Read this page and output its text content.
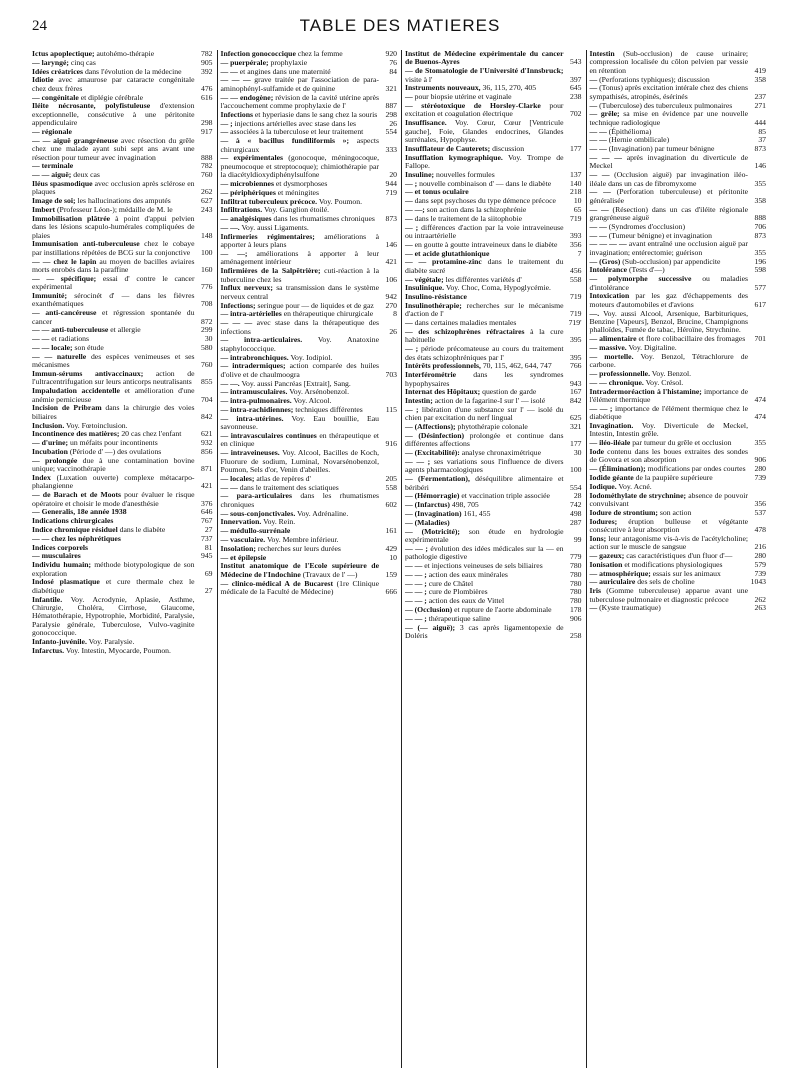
24	TABLE DES MATIERES
Ictus apoplectique; autohémo-thérapie	782
— laryngé; cinq cas	905
Idées créatrices dans l'évolution de la médecine	392
Idiotie avec amaurose par cataracte congénitale chez deux frères	476
— congénitale et diplégie cérébrale	616
Iléite nécrosante, polyfistuleuse d'extension exceptionnelle, consécutive à une péritonite appendiculaire	298
— régionale	917
— — aiguë grangréneuse avec résection du grêle chez une malade ayant subi sept ans avant une résection pour tumeur avec invagination	888
— terminale	782
— — aiguë; deux cas	760
Iléus spasmodique avec occlusion après sclérose en plaques	262
Image de soi; les hallucinations des amputés	627
Imbert (Professeur Léon-); médaille de M. le	243
Immobilisation plâtrée à point d'appui pelvien dans les lésions scapulo-humérales compliquées de plaies	148
Immunisation anti-tuberculeuse chez le cobaye par instillations répétées de BCG sur la conjonctive 100
— — chez le lapin au moyen de bacilles aviaires morts enrobés dans la paraffine	160
— — spécifique; essai d' contre le cancer expérimental	776
Immunité; sérocinét d' — dans les fièvres exanthématiques	708
— anti-cancéreuse et régression spontanée du cancer	872
— — anti-tuberculeuse et allergie	299
— — et radiations	30
— — locale; son étude	580
— — naturelle des espèces venimeuses et ses mécanismes	760
Immun-sérums antivaccinaux; action de l'ultracentrifugation sur leurs anticorps neutralisants 855
Impaludation accidentelle et amélioration d'une anémie pernicieuse	704
Incision de Pribram dans la chirurgie des voies biliaires	842
Inclusion. Voy. Fœtoinclusion.
Incontinence des matières; 20 cas chez l'enfant	621
— d'urine; un méfaits pour incontinents	932
Incubation (Période d' —) des ovulations	856
— prolongée due à une contamination bovine unique; vaccinothérapie	871
Index (Luxation ouverte) complexe métacarpo-phalangienne	421
— de Barach et de Moots pour évaluer le risque opératoire et choisir le mode d'anesthésie	376
— Generalis, 18e année 1938	646
Indications chirurgicales	767
Indice chromique résiduel dans le diabète	27
— — chez les néphrétiques	737
Indices corporels	81
— musculaires	945
Individu humain; méthode biotypologique de son exploration	69
Indosé plasmatique et cure thermale chez le diabétique	27
Infantile. Voy. Acrodynie, Aplasie, Asthme, Chirurgie, Choléra, Cirrhose, Glaucome, Hématothérapie, Hypotrophie, Morbidité, Paralysie, Paralysie générale, Tuberculose, Vulvo-vaginite gonococcique.
Infanto-juvénile. Voy. Paralysie.
Infarctus. Voy. Intestin, Myocarde, Poumon.
Infection gonococcique chez la femme	920
— puerpérale; prophylaxie	76
— — et angines dans une maternité	84
— — — grave traitée par l'association de para-aminophényl-sulfamide et de quinine	321
— — endogène; révision de la cavité utérine après l'accouchement comme prophylaxie de l'	887
Infections et hyperiasie dans le sang chez la souris 298
— ; injections artérielles avec stase dans les	26
— associées à la tuberculose et leur traitement	554
— à « bacillus fundiliformis »; aspects chirurgicaux	333
— expérimentales (gonocoque, méningocoque, pneumocoque et streptocoque); chimiothérapie par la diacétyldioxydiphénylsulfone	20
— microbiennes et dysmorphoses	944
— périphériques et méningites	719
Infiltrat tuberculeux précoce. Voy. Poumon.
Infiltrations. Voy. Ganglion étoilé.
— analgésiques dans les rhumatismes chroniques 873
— —. Voy. aussi Ligaments.
Infirmeries régimentaires; améliorations à apporter à leurs plans	146
— —; améliorations à apporter à leur aménagement intérieur	421
Infirmières de la Salpêtrière; cuti-réaction à la tuberculine chez les	106
Influx nerveux; sa transmission dans le système nerveux central	942
Infections; seringue pour — de liquides et de gaz 270
— intra-artérielles en thérapeutique chirurgicale	8
— — — avec stase dans la thérapeutique des infections	26
— intra-articulaires. Voy. Anatoxine staphylococcique.
— intrabronchiques. Voy. Iodipiol.
— intradermiques; action comparée des huiles d'olive et de chaulmoogra	703
— —. Voy. aussi Pancréas [Extrait], Sang.
— intramusculaires. Voy. Arsénobenzol.
— intra-pulmonaires. Voy. Alcool.
— intra-rachidiennes; techniques différentes	115
— intra-utérines. Voy. Eau bouillie, Eau savonneuse.
— intravasculaires continues en thérapeutique et en clinique	916
— intraveineuses. Voy. Alcool, Bacilles de Koch, Fluorure de sodium, Luminal, Novarsénobenzol, Poumon, Sels d'or, Venin d'abeilles.
— locales; atlas de repères d'	205
— — dans le traitement des sciatiques	558
— para-articulaires dans les rhumatismes chroniques	602
— sous-conjonctivales. Voy. Adrénaline.
Innervation. Voy. Rein.
— médullo-surrénale	161
— vasculaire. Voy. Membre inférieur.
Insolation; recherches sur leurs durées	429
— et épilepsie	10
Institut anatomique de l'Ecole supérieure de Médecine de l'Indochine (Travaux de l' —)	159
— clinico-médical A de Bucarest (1re Clinique médicale de la Faculté de Médecine)	666
Institut de Médecine expérimentale du cancer de Buenos-Ayres	543
— de Stomatologie de l'Université d'Innsbruck; visite à l'	397
Instruments nouveaux, 36, 115, 270, 405	645
— pour biopsie utérine et vaginale	238
— stéréotoxique de Horsley-Clarke pour excitation et coagulation électrique	702
Insuffisance. Voy. Cœur, Cœur [Ventricule gauche], Foie, Glandes endocrines, Glandes surrénales, Hypophyse.
Insufflateur de Cauterets; discussion	177
Insufflation kymographique. Voy. Trompe de Fallope.
Insuline; nouvelles formules	137
— ; nouvelle combinaison d' — dans le diabète 140
— et tonus oculaire	218
— dans sept psychoses du type démence précoce 10
— —; son action dans la schizophrénie	65
— dans le traitement de la siitophobie	719
— ; différences d'action par la voie intraveineuse ou intraartérielle	393
— en goutte à goutte intraveineux dans le diabète 356
— et acide glutathionique	7
— — protamine-zinc dans le traitement du diabète sucré	456
— végétale; les différentes variétés d'	558
Insulinique. Voy. Choc, Coma, Hypoglycémie.
Insulino-résistance	719
Insulinothérapie; recherches sur le mécanisme d'action de l'	719
— dans certaines maladies mentales	719'
— des schizophrènes réfractaires à la cure habituelle	395
— ; période précomateuse au cours du traitement des états schizophréniques par l'	395
Intérêts professionnels, 70, 115, 462, 644, 747 766
Interférométrie dans les syndromes hypophysaires	943
Internat des Hôpitaux; question de garde	167
Intestin; action de la fagarine-I sur l' — isolé	842
— ; libération d'une substance sur l' — isolé du chien par excitation du nerf lingual	625
— (Affections); phytothérapie colonale	321
— (Désinfection) prolongée et continue dans différentes affections	177
— (Excitabilité): analyse chronaximétrique	30
— — ; ses variations sous l'influence de divers agents pharmacologiques	100
— (Fermentation), déséquilibre alimentaire et béribéri	554
— (Hémorragie) et vaccination triple associée	28
— (Infarctus) 498, 705	742
— (Invagination) 161, 455	498
— (Maladies)	287
— (Motricité); son étude en hydrologie expérimentale	99
— — ; évolution des idées médicales sur la — en pathologie digestive	779
— — et injections veineuses de sels biliaires	780
— — ; action des eaux minérales	780
— — ; cure de Châtel	780
— — ; cure de Plombières	780
— — ; action des eaux de Vittel	780
— (Occlusion) et rupture de l'aorte abdominale 178
— — ; thérapeutique saline	906
— (— aiguë); 3 cas après ligamentopexie de Doléris	258
Intestin (Sub-occlusion) de cause urinaire; compression localisée du côlon pelvien par vessie en rétention	419
— (Perforations typhiques); discussion	358
— (Tonus) après excitation intérale chez des chiens sympathisés, atropinés, ésérinés	237
— (Tuberculose) des tuberculeux pulmonaires	271
— grêle; sa mise en évidence par une nouvelle technique radiologique	444
— — (Épithélioma)	85
— — (Hernie ombilicale)	37
— — (Invagination) par tumeur bénigne	873
— — — après invagination du diverticule de Meckel	146
— — (Occlusion aiguë) par invagination iléo-iléale dans un cas de fibromyxome	355
— — (Perforation tuberculeuse) et péritonite généralisée	358
— — (Résection) dans un cas d'iléite régionale grangréneuse aiguë	888
— — (Syndromes d'occlusion)	706
— — (Tumeur bénigne) et invagination	873
— — — — avant entraîné une occlusion aiguë par invagination; entérectomie; guérison	355
— (Gros) (Sub-occlusion) par appendicite	196
Intolérance (Tests d'—)	598
— polymorphe successive ou maladies d'intolérance	577
Intoxication par les gaz d'échappements des moteurs d'automobiles et d'avions	617
—. Voy. aussi Alcool, Arsenique, Barbituriques, Benzine [Vapeurs], Benzol, Brucine, Champignons phalloïdes, Fumée de tabac, Héroïne, Strychnine.
— alimentaire et flore colibacillaire des fromages 701
— massive. Voy. Digitaline.
— mortelle. Voy. Benzol, Tétrachlorure de carbone.
— professionnelle. Voy. Benzol.
— — chronique. Voy. Crésol.
Intradermoréaction à l'histamine; importance de l'élément thermique	474
— — ; importance de l'élément thermique chez le diabétique	474
Invagination. Voy. Diverticule de Meckel, Intestin, Intestin grêle.
— iléo-iléale par tumeur du grêle et occlusion	355
Iode contenu dans les boues extraites des sondes de Govora et son absorption	906
— (Élimination); modifications par ondes courtes 280
Iodide géante de la paupière supérieure	739
Iodique. Voy. Acné.
Iodométhylate de strychnine; absence de pouvoir convulsivant	356
Iodure de strontium; son action	537
Iodures; éruption bulleuse et végétante consécutive à leur absorption	478
Ions; leur antagonisme vis-à-vis de l'acétylcholine; action sur le muscle de sangsue	216
— gazeux; cas caractéristiques d'un fluor d'—	280
Ionisation et modifications physiologiques	579
— atmosphérique; essais sur les animaux	739
— auriculaire des sels de choline	1043
Iris (Gomme tuberculeuse) apparue avant une tuberculose pulmonaire et diagnostic précoce	262
— (Kyste traumatique)	263
